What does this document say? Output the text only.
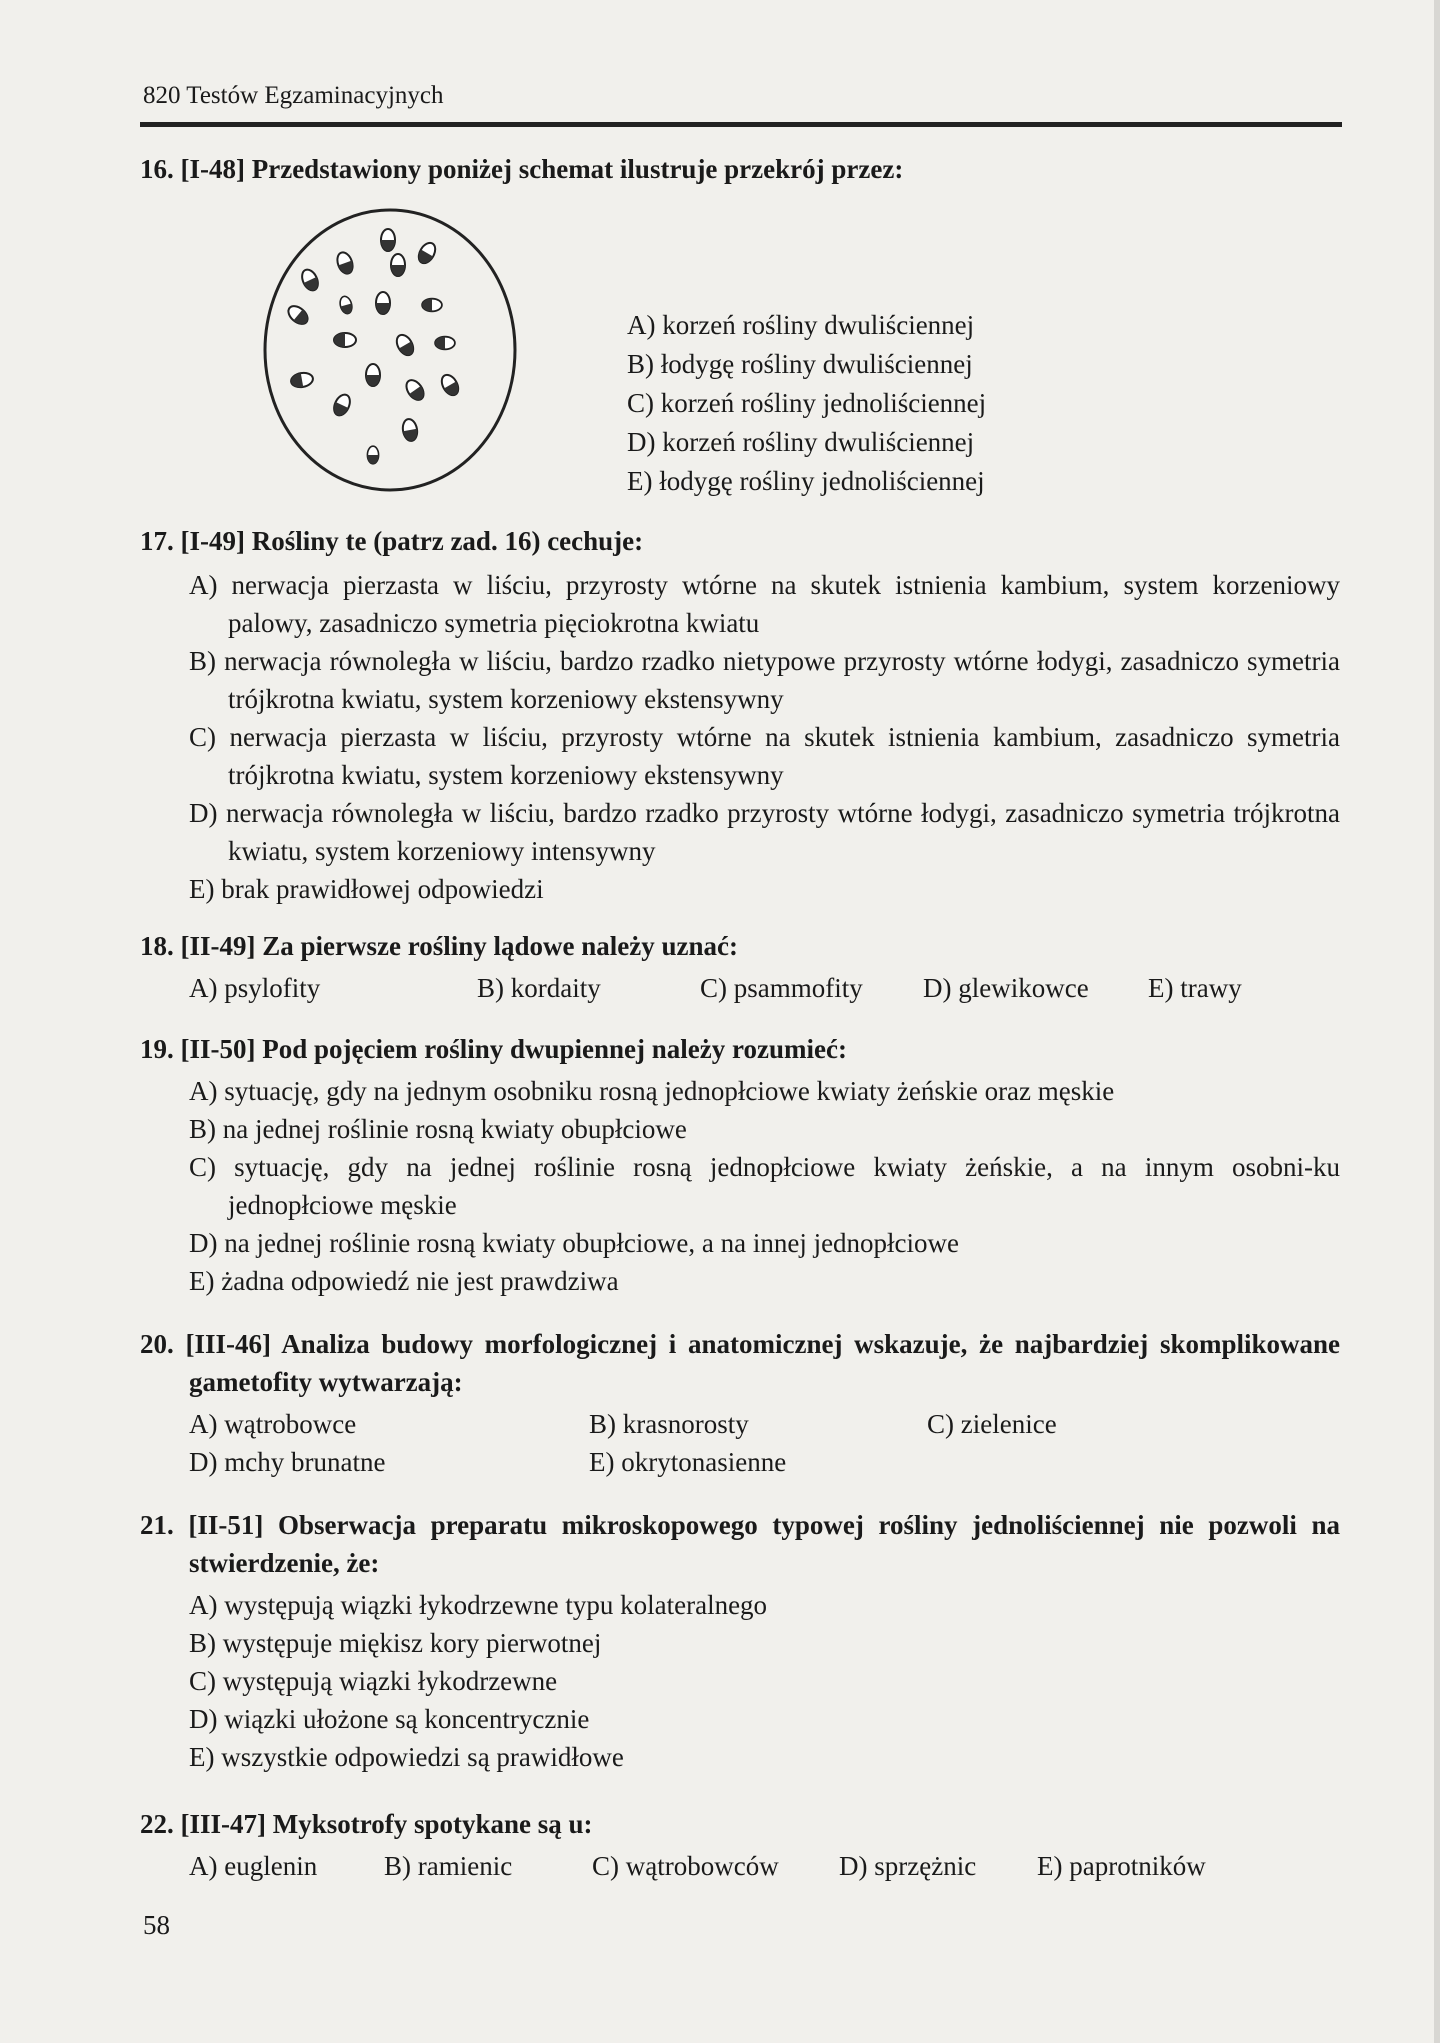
820 Testów Egzaminacyjnych
16. [I-48] Przedstawiony poniżej schemat ilustruje przekrój przez:
A) korzeń rośliny dwuliściennej
B) łodygę rośliny dwuliściennej
C) korzeń rośliny jednoliściennej
D) korzeń rośliny dwuliściennej
E) łodygę rośliny jednoliściennej
17. [I-49] Rośliny te (patrz zad. 16) cechuje:
A) nerwacja pierzasta w liściu, przyrosty wtórne na skutek istnienia kambium, system korzeniowy palowy, zasadniczo symetria pięciokrotna kwiatu
B) nerwacja równoległa w liściu, bardzo rzadko nietypowe przyrosty wtórne łodygi, zasadniczo symetria trójkrotna kwiatu, system korzeniowy ekstensywny
C) nerwacja pierzasta w liściu, przyrosty wtórne na skutek istnienia kambium, zasadniczo symetria trójkrotna kwiatu, system korzeniowy ekstensywny
D) nerwacja równoległa w liściu, bardzo rzadko przyrosty wtórne łodygi, zasadniczo symetria trójkrotna kwiatu, system korzeniowy intensywny
E) brak prawidłowej odpowiedzi
18. [II-49] Za pierwsze rośliny lądowe należy uznać:
A) psylofity	B) kordaity	C) psammofity D) glewikowce E) trawy
19. [II-50] Pod pojęciem rośliny dwupiennej należy rozumieć:
A) sytuację, gdy na jednym osobniku rosną jednopłciowe kwiaty żeńskie oraz męskie
B) na jednej roślinie rosną kwiaty obupłciowe
C) sytuację, gdy na jednej roślinie rosną jednopłciowe kwiaty żeńskie, a na innym osobni-ku jednopłciowe męskie
D) na jednej roślinie rosną kwiaty obupłciowe, a na innej jednopłciowe
E) żadna odpowiedź nie jest prawdziwa
20. [III-46] Analiza budowy morfologicznej i anatomicznej wskazuje, że najbardziej skomplikowane gametofity wytwarzają:
A) wątrobowce	B) krasnorosty	C) zielenice
D) mchy brunatne	E) okrytonasienne
21. [II-51] Obserwacja preparatu mikroskopowego typowej rośliny jednoliściennej nie pozwoli na stwierdzenie, że:
A) występują wiązki łykodrzewne typu kolateralnego
B) występuje miękisz kory pierwotnej
C) występują wiązki łykodrzewne
D) wiązki ułożone są koncentrycznie
E) wszystkie odpowiedzi są prawidłowe
22. [III-47] Myksotrofy spotykane są u:
A) euglenin B) ramienic	C) wątrobowców D) sprzężnic E) paprotników
58
